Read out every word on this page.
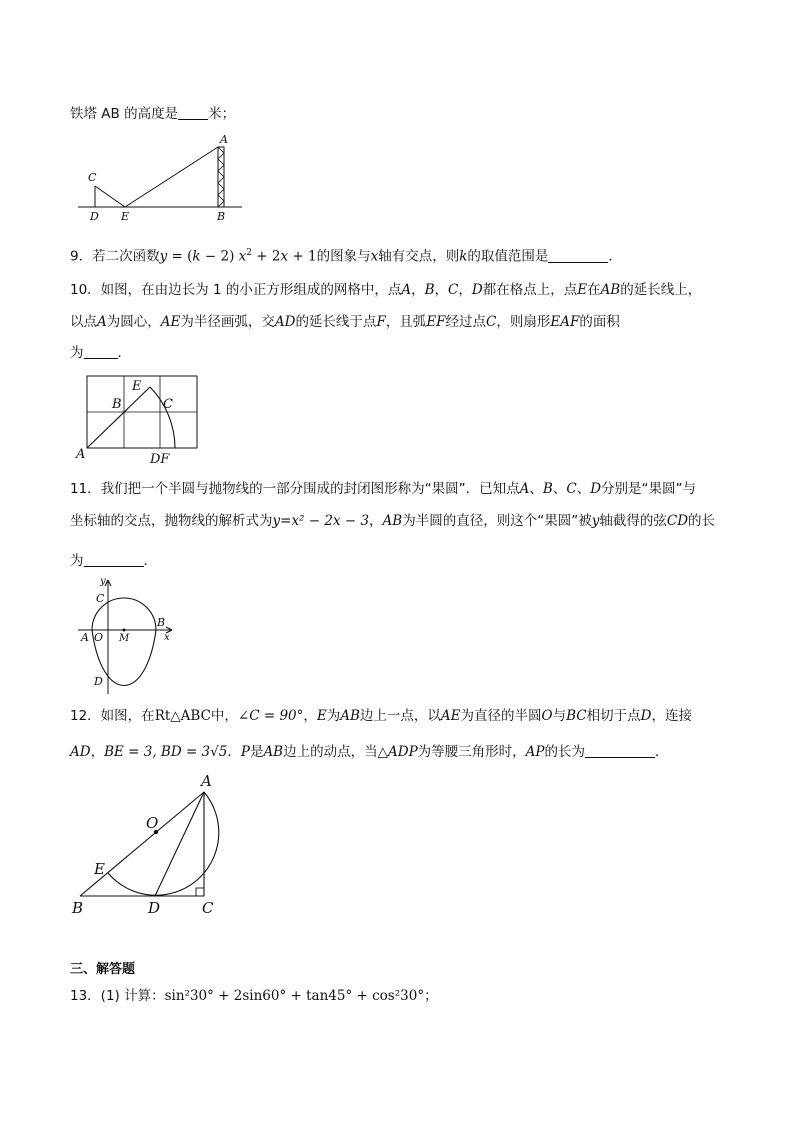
铁塔 AB 的高度是 米；
A
B
C
D E
9．若二次函数y = (k − 2) $x^2 + 2x + 1$的图象与x轴有交点，则k的取值范围是	．
10．如图，在由边长为 1 的小正方形组成的网格中，点A，B，C，D都在格点上，点E在AB的延长线上，
以点A为圆心，AE为半径画弧，交AD的延长线于点F，且弧EF经过点C，则扇形EAF的面积
为	．
A
B	C
E
DF
11．我们把一个半圆与抛物线的一部分围成的封闭图形称为“果圆”．已知点A、B、C、D分别是“果圆”与
坐标轴的交点，抛物线的解析式为y=x² − 2x − 3，AB为半圆的直径，则这个“果圆”被y轴截得的弦CD的长
为	．
y
x
C
B
A O M
D
12．如图，在Rt△ABC中，∠C = 90°，E为AB边上一点，以AE为直径的半圆O与BC相切于点D，连接
AD，BE = 3, BD = 3√5．P是AB边上的动点，当△ADP为等腰三角形时，AP的长为	．
A
O
E
B	D	C
三、解答题
13．(1) 计算：sin²30° + 2sin60° + tan45° + cos²30°；
